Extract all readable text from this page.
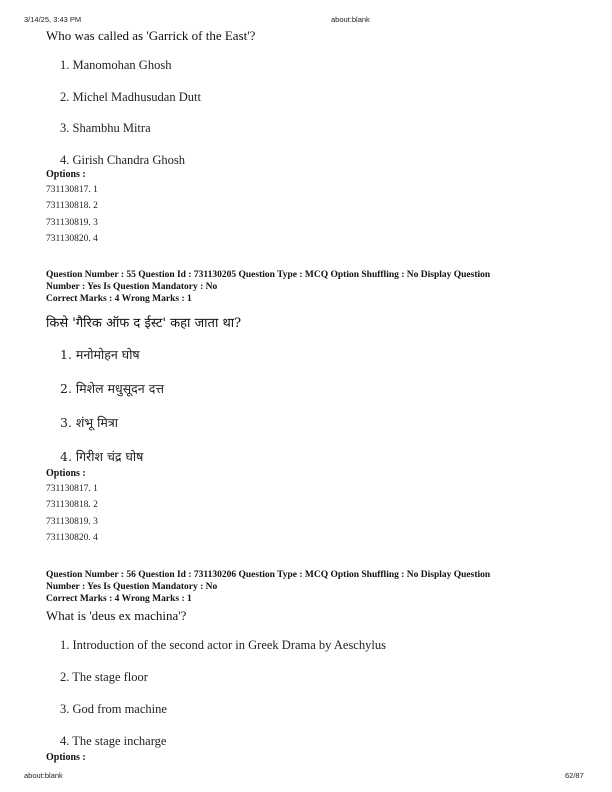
3/14/25, 3:43 PM	about:blank
Who was called as 'Garrick of the East'?
1. Manomohan Ghosh
2. Michel Madhusudan Dutt
3. Shambhu Mitra
4. Girish Chandra Ghosh
Options :
731130817. 1
731130818. 2
731130819. 3
731130820. 4
Question Number : 55 Question Id : 731130205 Question Type : MCQ Option Shuffling : No Display Question
Number : Yes Is Question Mandatory : No
Correct Marks : 4 Wrong Marks : 1
किसे 'गैरिक ऑफ द ईस्ट' कहा जाता था?
1. मनोमोहन घोष
2. मिशेल मधुसूदन दत्त
3. शंभू मित्रा
4. गिरीश चंद्र घोष
Options :
731130817. 1
731130818. 2
731130819. 3
731130820. 4
Question Number : 56 Question Id : 731130206 Question Type : MCQ Option Shuffling : No Display Question
Number : Yes Is Question Mandatory : No
Correct Marks : 4 Wrong Marks : 1
What is 'deus ex machina'?
1. Introduction of the second actor in Greek Drama by Aeschylus
2. The stage floor
3. God from machine
4. The stage incharge
Options :
about:blank	62/87
